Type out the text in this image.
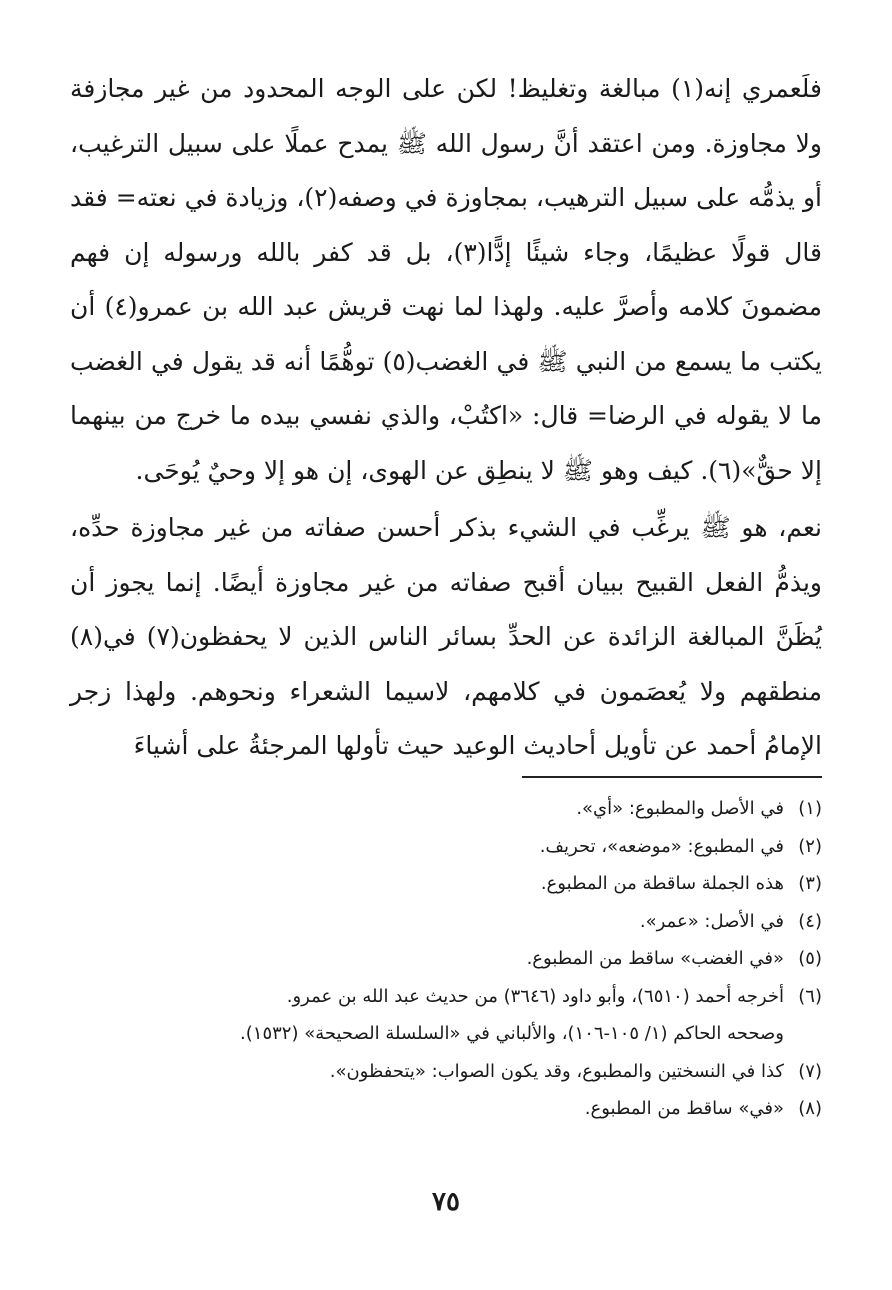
فلَعمري إنه(١) مبالغة وتغليظ! لكن على الوجه المحدود من غير مجازفة ولا مجاوزة. ومن اعتقد أنَّ رسول الله ﷺ يمدح عملًا على سبيل الترغيب، أو يذمُّه على سبيل الترهيب، بمجاوزة في وصفه(٢)، وزيادة في نعته= فقد قال قولًا عظيمًا، وجاء شيئًا إدًّا(٣)، بل قد كفر بالله ورسوله إن فهم مضمونَ كلامه وأصرَّ عليه. ولهذا لما نهت قريش عبد الله بن عمرو(٤) أن يكتب ما يسمع من النبي ﷺ في الغضب(٥) توهُّمًا أنه قد يقول في الغضب ما لا يقوله في الرضا= قال: «اكتُبْ، والذي نفسي بيده ما خرج من بينهما إلا حقٌّ»(٦). كيف وهو ﷺ لا ينطِق عن الهوى، إن هو إلا وحيٌ يُوحَى.

نعم، هو ﷺ يرغِّب في الشيء بذكر أحسن صفاته من غير مجاوزة حدِّه، ويذمُّ الفعل القبيح ببيان أقبح صفاته من غير مجاوزة أيضًا. إنما يجوز أن يُظَنَّ المبالغة الزائدة عن الحدِّ بسائر الناس الذين لا يحفظون(٧) في(٨) منطقهم ولا يُعصَمون في كلامهم، لاسيما الشعراء ونحوهم. ولهذا زجر الإمامُ أحمد عن تأويل أحاديث الوعيد حيث تأولها المرجئةُ على أشياءَ

(١)
في الأصل والمطبوع: «أي».
(٢)
في المطبوع: «موضعه»، تحريف.
(٣)
هذه الجملة ساقطة من المطبوع.
(٤)
في الأصل: «عمر».
(٥)
«في الغضب» ساقط من المطبوع.
(٦)
أخرجه أحمد (٦٥١٠)، وأبو داود (٣٦٤٦) من حديث عبد الله بن عمرو.
وصححه الحاكم (١/ ١٠٥-١٠٦)، والألباني في «السلسلة الصحيحة» (١٥٣٢).
(٧)
كذا في النسختين والمطبوع، وقد يكون الصواب: «يتحفظون».
(٨)
«في» ساقط من المطبوع.
٧٥
